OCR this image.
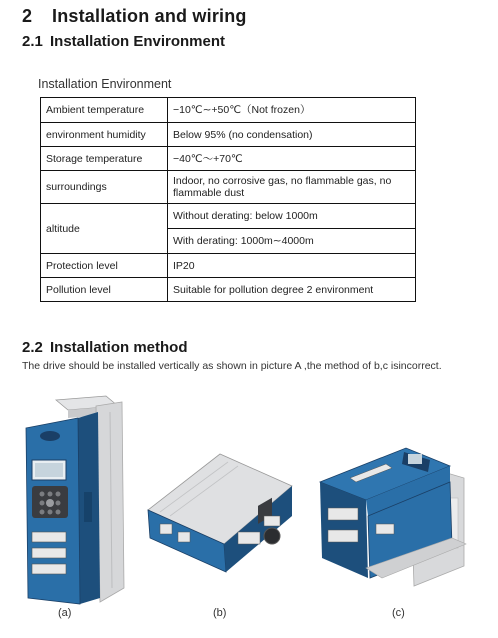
2 Installation and wiring
2.1 Installation Environment
Installation Environment
Ambient temperature	−10℃∼+50℃（Not frozen）
environment humidity	Below 95% (no condensation)
Storage temperature	−40℃～+70℃
surroundings	Indoor, no corrosive gas, no flammable gas, no flammable dust
altitude	Without derating: below 1000m
	With derating: 1000m∼4000m
Protection level	IP20
Pollution level	Suitable for pollution degree 2 environment
2.2 Installation method
The drive should be installed vertically as shown in picture A ,the method of b,c isincorrect.
(a)	(b)	(c)
